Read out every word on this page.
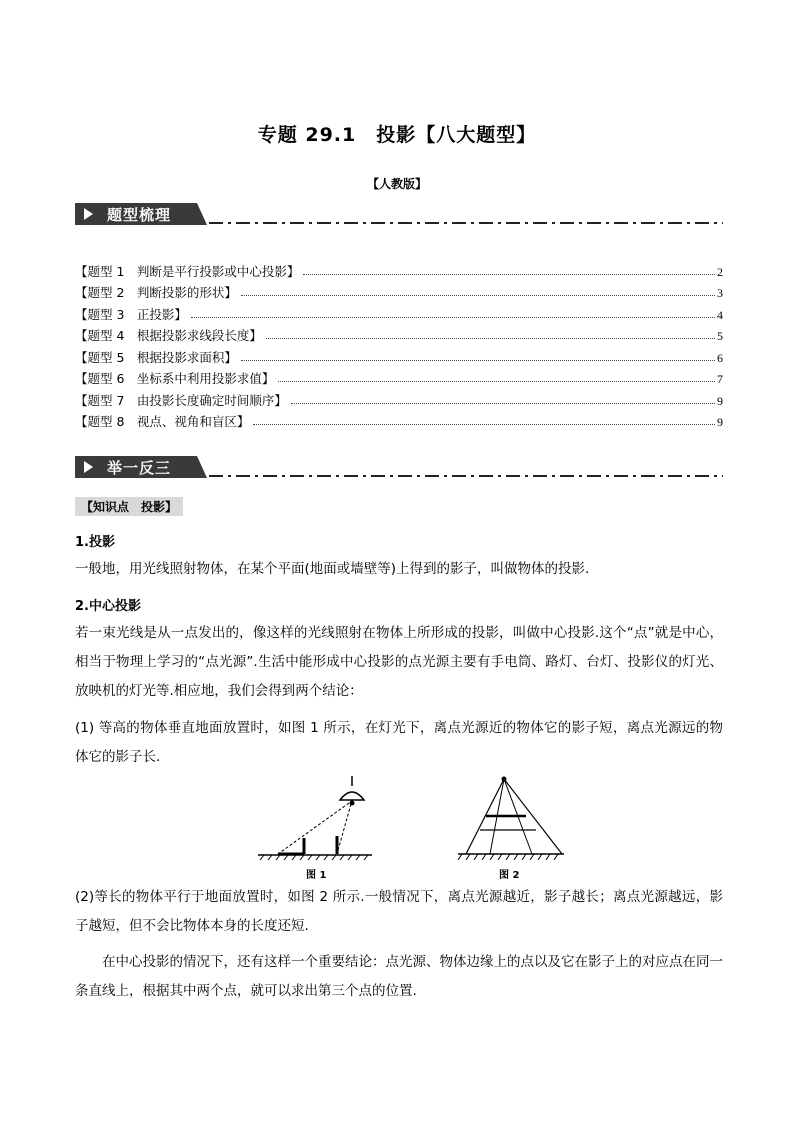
专题 29.1　投影【八大题型】
【人教版】
题型梳理
【题型 1　判断是平行投影或中心投影】	2
【题型 2　判断投影的形状】	3
【题型 3　正投影】	4
【题型 4　根据投影求线段长度】	5
【题型 5　根据投影求面积】	6
【题型 6　坐标系中利用投影求值】	7
【题型 7　由投影长度确定时间顺序】	9
【题型 8　视点、视角和盲区】	9
举一反三
【知识点　投影】
1.投影
一般地，用光线照射物体，在某个平面(地面或墙壁等)上得到的影子，叫做物体的投影.
2.中心投影
若一束光线是从一点发出的，像这样的光线照射在物体上所形成的投影，叫做中心投影.这个“点”就是中心，相当于物理上学习的“点光源”.生活中能形成中心投影的点光源主要有手电筒、路灯、台灯、投影仪的灯光、放映机的灯光等.相应地，我们会得到两个结论：
(1) 等高的物体垂直地面放置时，如图 1 所示，在灯光下，离点光源近的物体它的影子短，离点光源远的物体它的影子长.
图 1	图 2
(2)等长的物体平行于地面放置时，如图 2 所示.一般情况下，离点光源越近，影子越长；离点光源越远，影子越短，但不会比物体本身的长度还短.
在中心投影的情况下，还有这样一个重要结论：点光源、物体边缘上的点以及它在影子上的对应点在同一条直线上，根据其中两个点，就可以求出第三个点的位置.
